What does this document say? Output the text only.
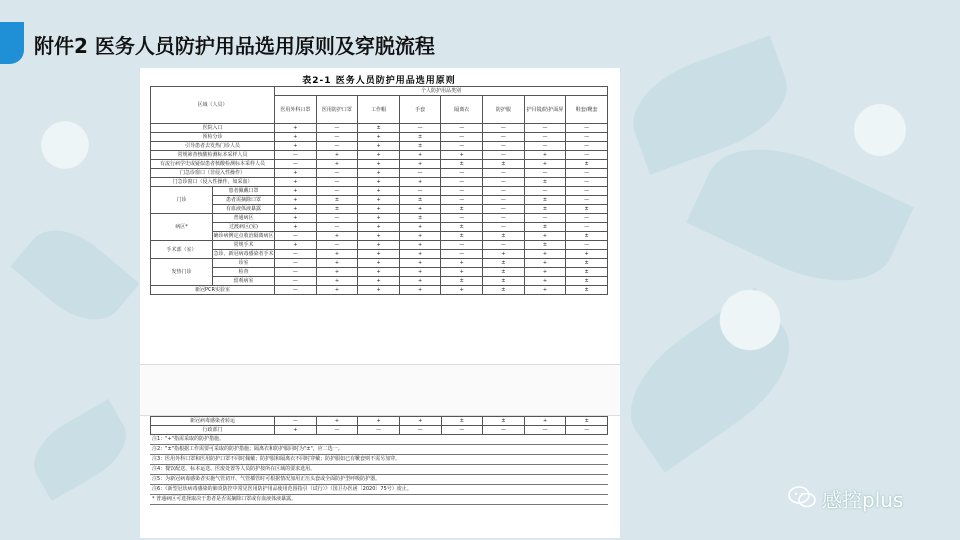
附件2 医务人员防护用品选用原则及穿脱流程
表2-1 医务人员防护用品选用原则
区域（人员）		个人防护用品类别							
		医用外科口罩	医用防护口罩	工作帽	手套	隔离衣	防护服	护目镜/防护面屏	鞋套/靴套
医院入口		+	—	±	—	—	—	—	—
预检分诊		+	—	+	±	—	—	—	—
引导患者去发热门诊人员		+	—	+	±	—	—	—	—
常规筛查核酸检测标本采样人员		—	+	+	+	+	—	+	—
有流行病学史或疑似患者核酸检测标本采样人员		—	+	+	+	±	±	+	±
门急诊窗口（非侵入性操作）		+	—	+	—	—	—	—	—
门急诊窗口（侵入性操作，如采血）		+	—	+	+	—	—	±	—
门诊	患者佩戴口罩	+	—	+	—	—	—	—	—
	患者需摘除口罩	+	±	+	±	—	—	±	—
	有血液体液暴露	+	±	+	+	±	—	±	±
病区*	普通病区	+	—	+	±	—	—	—	—
	过渡病区(室)	+	—	+	+	±	—	±	—
	确诊病例定点收治隔离病区	—	+	+	+	±	±	+	±
手术部（室）	常规手术	+	—	+	+	—	—	±	—
	急诊、新冠病毒感染者手术	—	+	+	+	—	+	+	+
发热门诊	诊室	—	+	+	+	+	±	+	±
	检查	—	+	+	+	+	±	+	±
	留观病室	—	+	+	+	±	±	+	±
新冠PCR实验室		—	+	+	+	+	±	+	±
新冠病毒感染者转运	—	+	+	+	±	±	+	±
行政部门	+	—	—	—	—	—	—	—
注1："+"指需采取的防护措施。
注2："±"指根据工作需要可采取的防护措施；隔离衣和防护服同时为"±"，应二选一。
注3：医用外科口罩和医用防护口罩不同时佩戴；防护服和隔离衣不同时穿戴；防护服如已有靴套则不需另加穿。
注4：餐饮配送、标本运送、医废处置等人员防护按所在区域的要求选用。
注5：为新冠病毒感染者实施气管切开、气管插管时可根据情况加用正压头套或全面防护型呼吸防护器。
注6：《新型冠状病毒感染的肺炎防控中常见医用防护用品使用范围指引（试行）》（国卫办医函〔2020〕75号）废止。
* 普通病区可选择取决于患者是否需摘除口罩或有血液体液暴露。	感控plus
